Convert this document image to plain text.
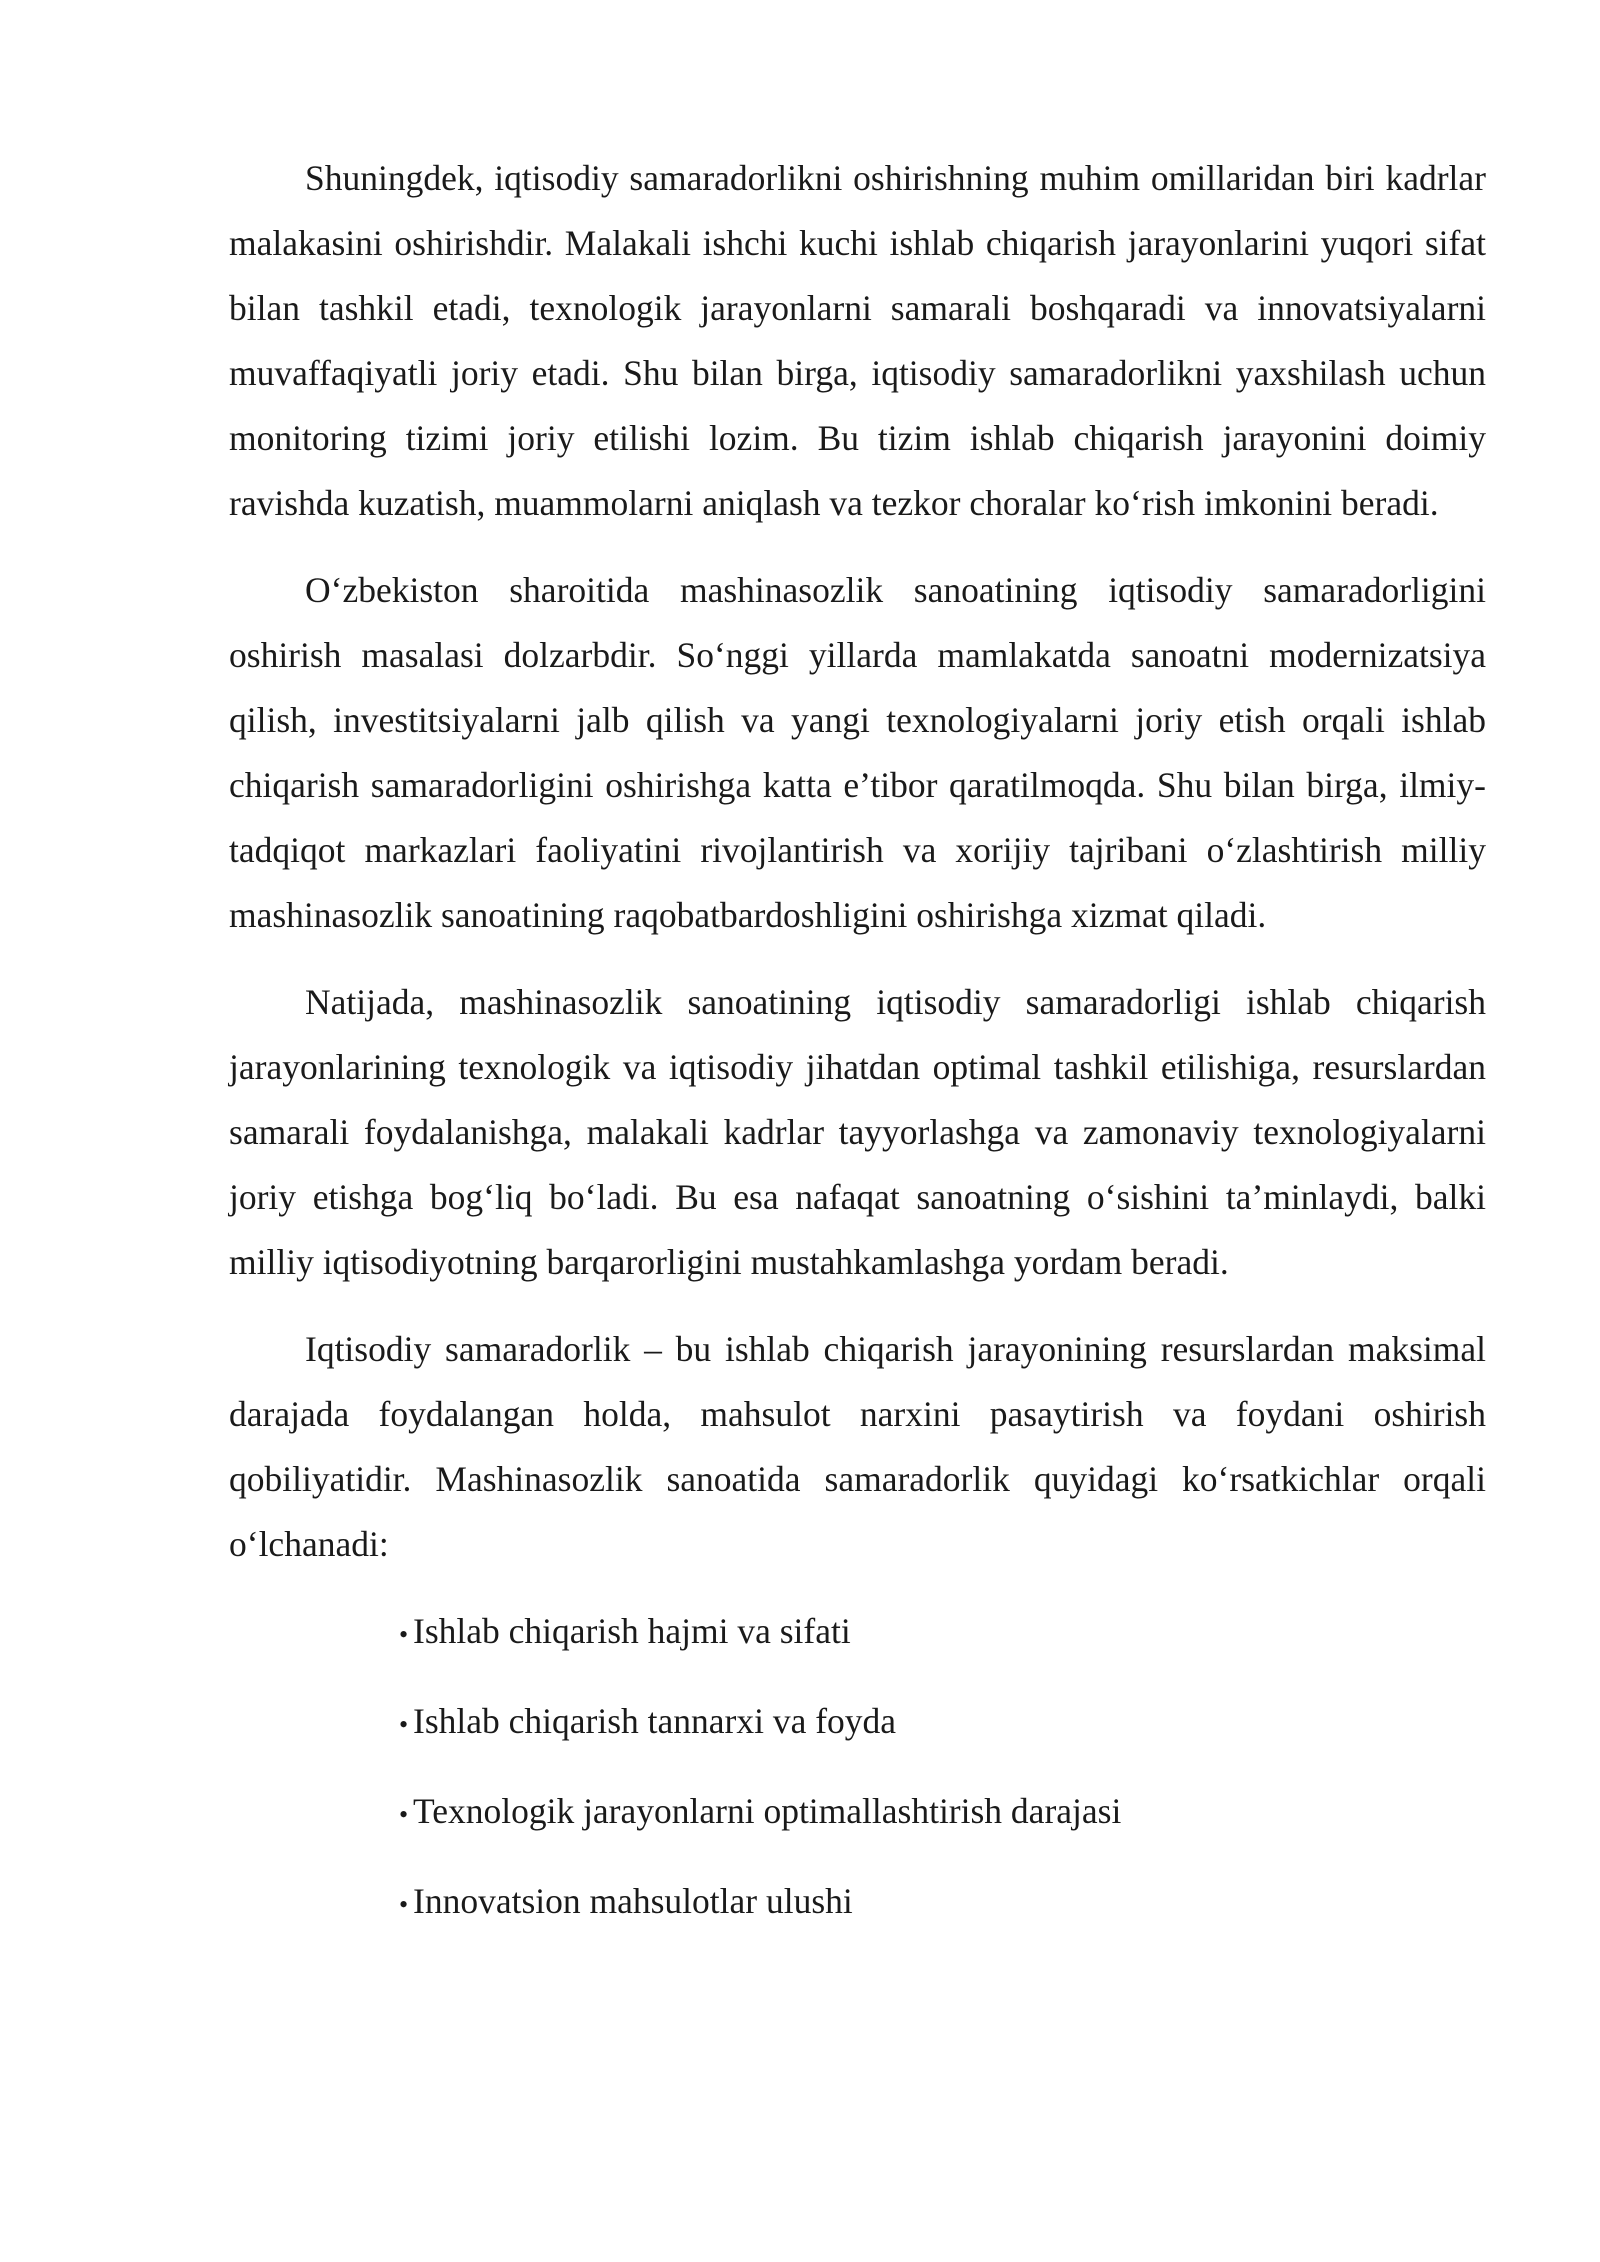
Shuningdek, iqtisodiy samaradorlikni oshirishning muhim omillaridan biri kadrlar malakasini oshirishdir. Malakali ishchi kuchi ishlab chiqarish jarayonlarini yuqori sifat bilan tashkil etadi, texnologik jarayonlarni samarali boshqaradi va innovatsiyalarni muvaffaqiyatli joriy etadi. Shu bilan birga, iqtisodiy samaradorlikni yaxshilash uchun monitoring tizimi joriy etilishi lozim. Bu tizim ishlab chiqarish jarayonini doimiy ravishda kuzatish, muammolarni aniqlash va tezkor choralar ko‘rish imkonini beradi.

O‘zbekiston sharoitida mashinasozlik sanoatining iqtisodiy samaradorligini oshirish masalasi dolzarbdir. So‘nggi yillarda mamlakatda sanoatni modernizatsiya qilish, investitsiyalarni jalb qilish va yangi texnologiyalarni joriy etish orqali ishlab chiqarish samaradorligini oshirishga katta e’tibor qaratilmoqda. Shu bilan birga, ilmiy-tadqiqot markazlari faoliyatini rivojlantirish va xorijiy tajribani o‘zlashtirish milliy mashinasozlik sanoatining raqobatbardoshligini oshirishga xizmat qiladi.

Natijada, mashinasozlik sanoatining iqtisodiy samaradorligi ishlab chiqarish jarayonlarining texnologik va iqtisodiy jihatdan optimal tashkil etilishiga, resurslardan samarali foydalanishga, malakali kadrlar tayyorlashga va zamonaviy texnologiyalarni joriy etishga bog‘liq bo‘ladi. Bu esa nafaqat sanoatning o‘sishini ta’minlaydi, balki milliy iqtisodiyotning barqarorligini mustahkamlashga yordam beradi.

Iqtisodiy samaradorlik – bu ishlab chiqarish jarayonining resurslardan maksimal darajada foydalangan holda, mahsulot narxini pasaytirish va foydani oshirish qobiliyatidir. Mashinasozlik sanoatida samaradorlik quyidagi ko‘rsatkichlar orqali o‘lchanadi:

• Ishlab chiqarish hajmi va sifati
• Ishlab chiqarish tannarxi va foyda
• Texnologik jarayonlarni optimallashtirish darajasi
• Innovatsion mahsulotlar ulushi
